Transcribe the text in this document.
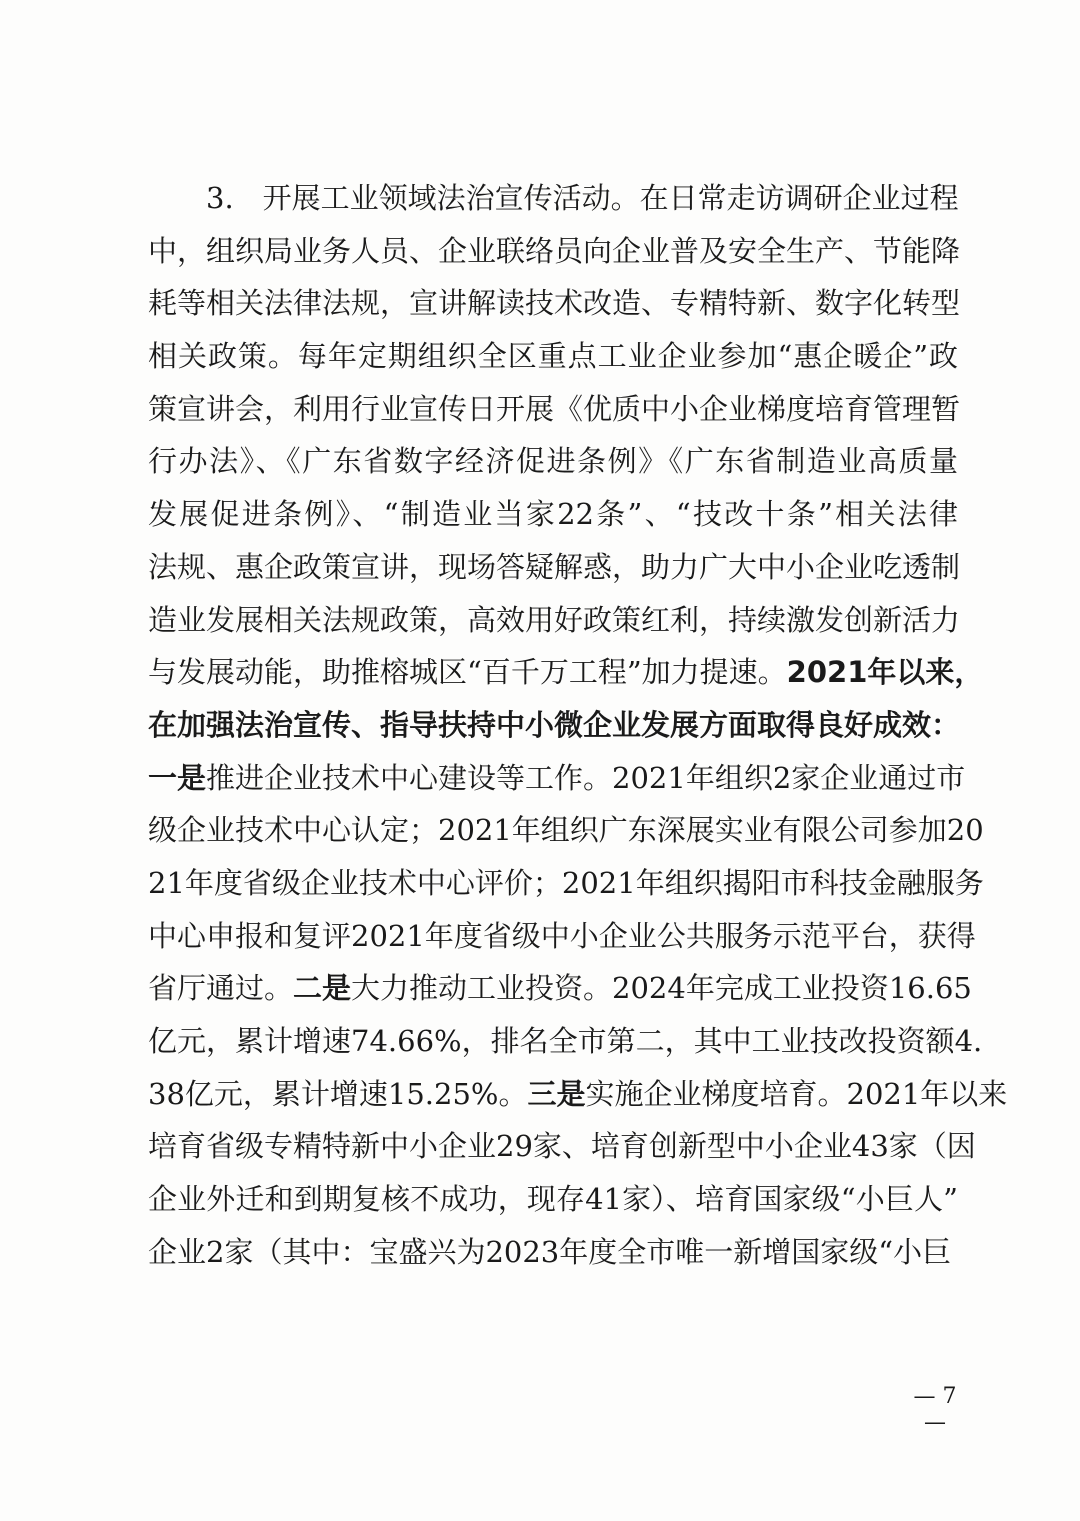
3.　开展工业领域法治宣传活动。在日常走访调研企业过程
中，组织局业务人员、企业联络员向企业普及安全生产、节能降
耗等相关法律法规，宣讲解读技术改造、专精特新、数字化转型
相关政策。每年定期组织全区重点工业企业参加“惠企暖企”政
策宣讲会，利用行业宣传日开展《优质中小企业梯度培育管理暂
行办法》、《广东省数字经济促进条例》《广东省制造业高质量
发展促进条例》、“制造业当家22条”、“技改十条”相关法律
法规、惠企政策宣讲，现场答疑解惑，助力广大中小企业吃透制
造业发展相关法规政策，高效用好政策红利，持续激发创新活力
与发展动能，助推榕城区“百千万工程”加力提速。2021年以来，
在加强法治宣传、指导扶持中小微企业发展方面取得良好成效：
一是推进企业技术中心建设等工作。2021年组织2家企业通过市
级企业技术中心认定；2021年组织广东深展实业有限公司参加20
21年度省级企业技术中心评价；2021年组织揭阳市科技金融服务
中心申报和复评2021年度省级中小企业公共服务示范平台，获得
省厅通过。二是大力推动工业投资。2024年完成工业投资16.65
亿元，累计增速74.66%，排名全市第二，其中工业技改投资额4.
38亿元，累计增速15.25%。三是实施企业梯度培育。2021年以来
培育省级专精特新中小企业29家、培育创新型中小企业43家（因
企业外迁和到期复核不成功，现存41家）、培育国家级“小巨人”
企业2家（其中：宝盛兴为2023年度全市唯一新增国家级“小巨
— 7 —
